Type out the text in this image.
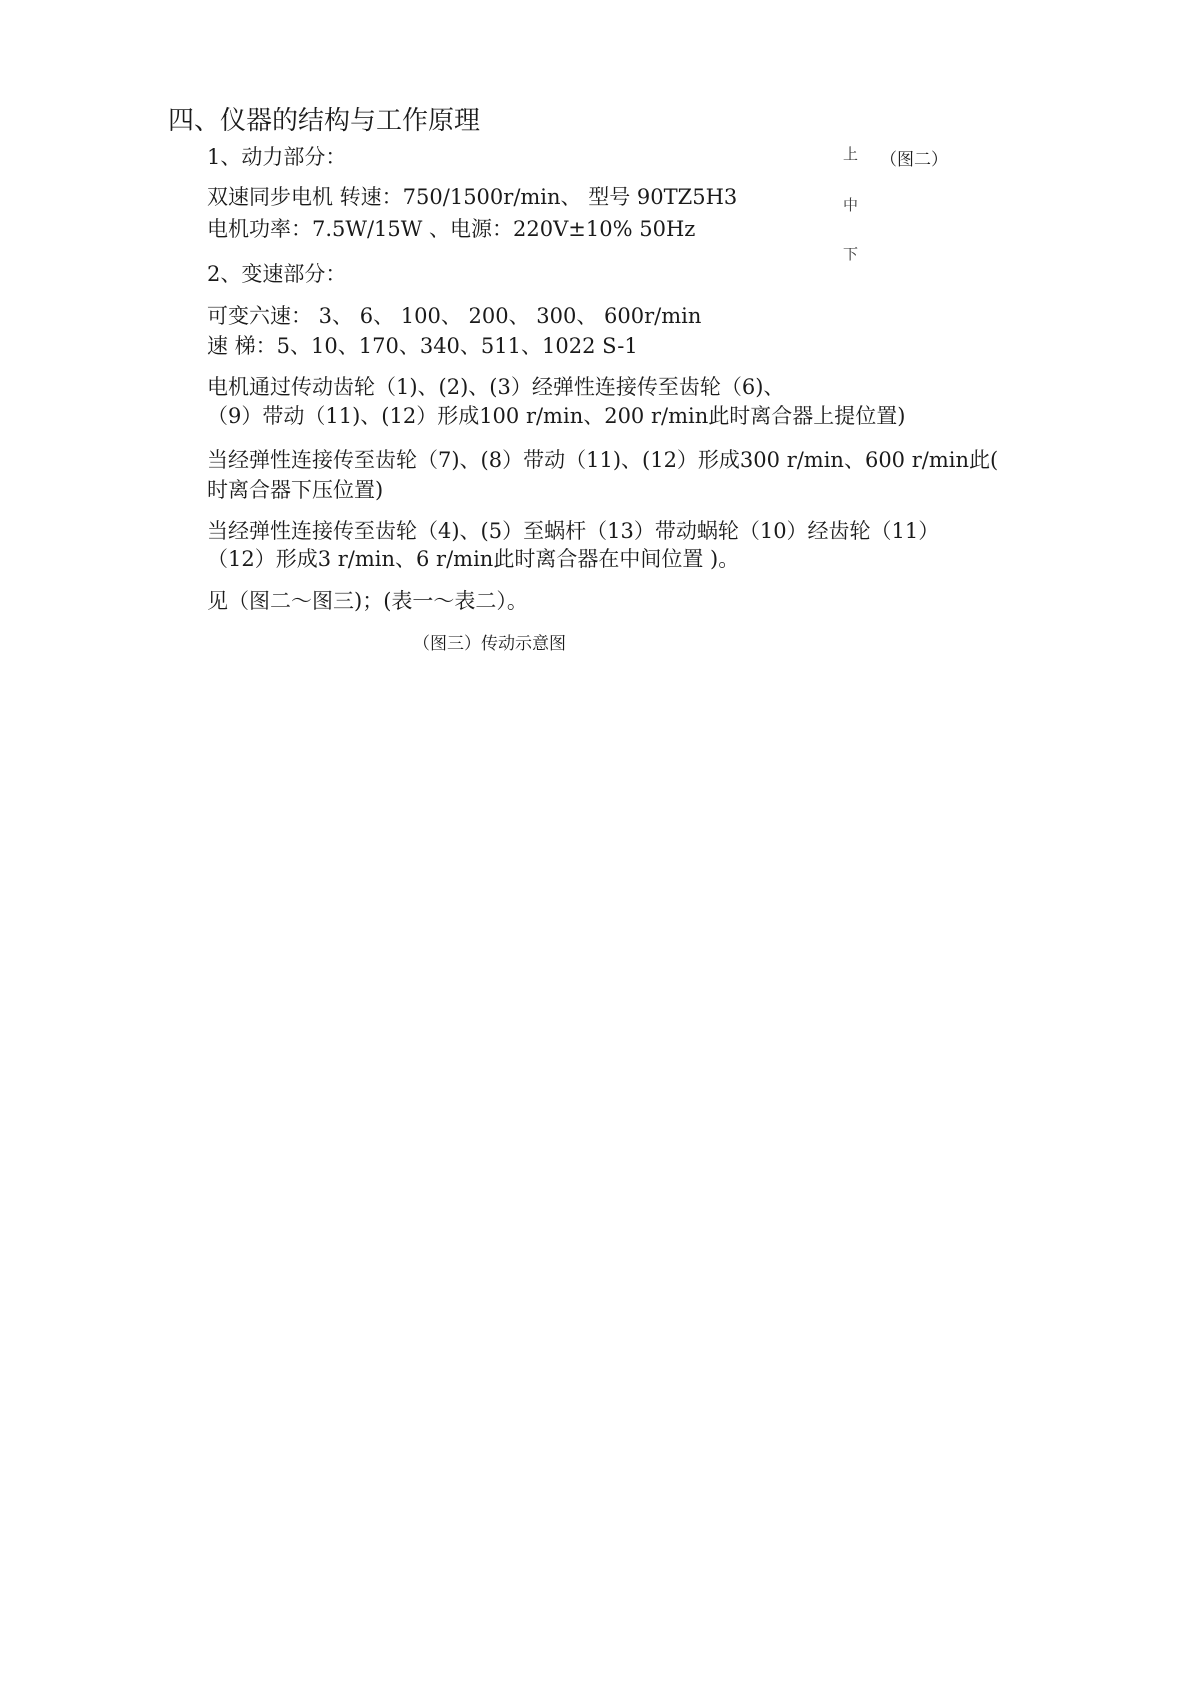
四、仪器的结构与工作原理
1、动力部分：
双速同步电机 转速：750/1500r/min、 型号 90TZ5H3
电机功率：7.5W/15W 、电源：220V±10% 50Hz
2、变速部分：
可变六速： 3、 6、 100、 200、 300、 600r/min
速 梯：5、10、170、340、511、1022 S-1
电机通过传动齿轮（1)、(2)、(3）经弹性连接传至齿轮（6)、
（9）带动（11)、(12）形成100 r/min、200 r/min此时离合器上提位置)
当经弹性连接传至齿轮（7)、(8）带动（11)、(12）形成300 r/min、600 r/min此(
时离合器下压位置)
当经弹性连接传至齿轮（4)、(5）至蜗杆（13）带动蜗轮（10）经齿轮（11）
（12）形成3 r/min、6 r/min此时离合器在中间位置 )。
见（图二～图三)；(表一～表二）。
（图三）传动示意图
上
中
下
（图二）
